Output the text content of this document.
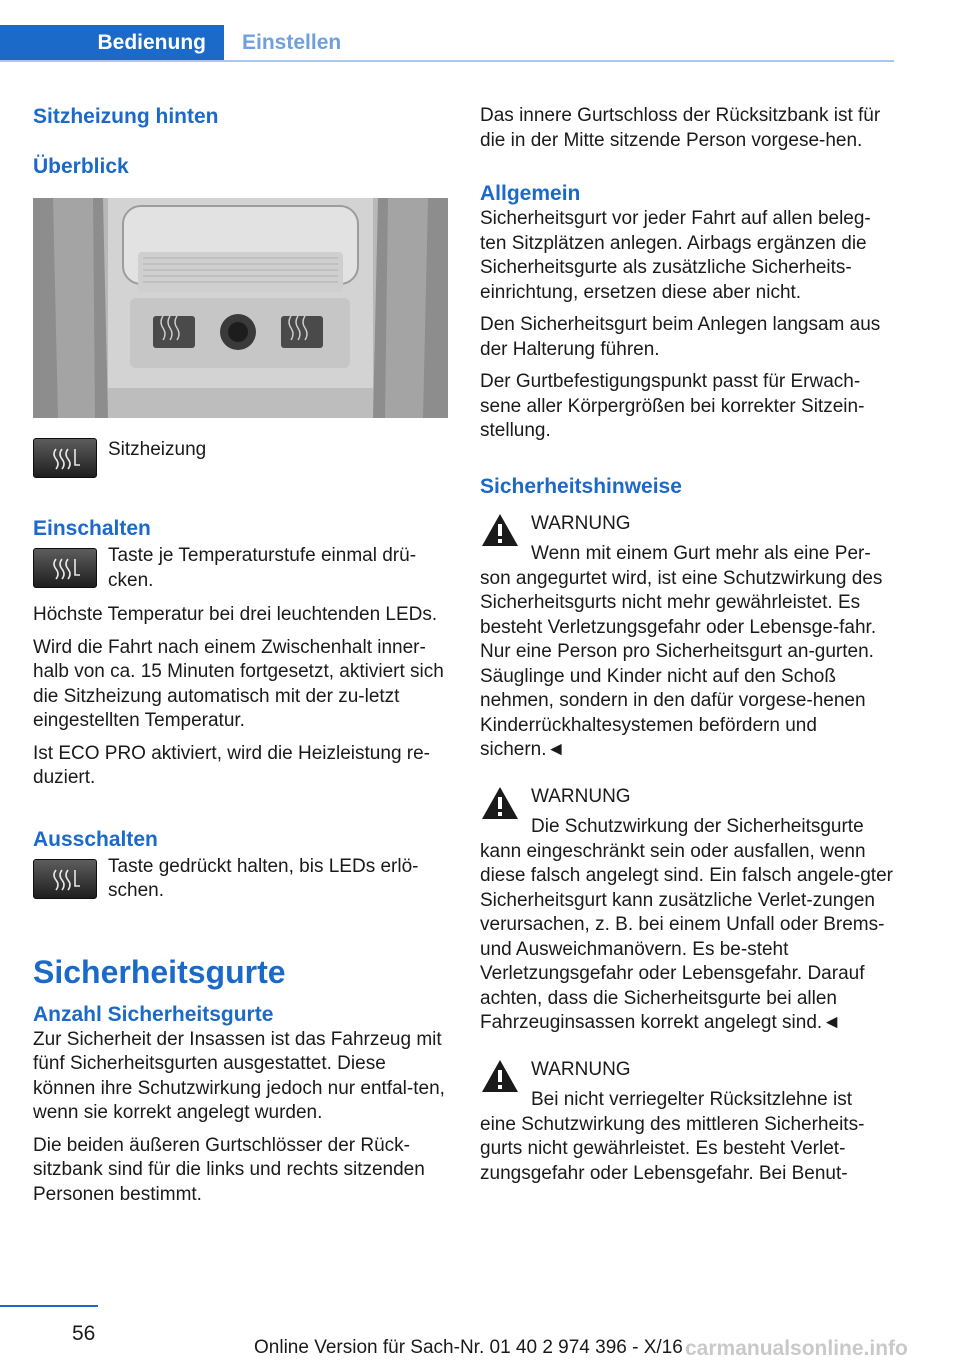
Bedienung	Einstellen
Sitzheizung hinten
Überblick
Sitzheizung
Einschalten
Taste je Temperaturstufe einmal drü-
cken.
Höchste Temperatur bei drei leuchtenden LEDs.
Wird die Fahrt nach einem Zwischenhalt inner-halb von ca. 15 Minuten fortgesetzt, aktiviert sich die Sitzheizung automatisch mit der zu-letzt eingestellten Temperatur.
Ist ECO PRO aktiviert, wird die Heizleistung re-duziert.
Ausschalten
Taste gedrückt halten, bis LEDs erlö-
schen.
Sicherheitsgurte
Anzahl Sicherheitsgurte
Zur Sicherheit der Insassen ist das Fahrzeug mit fünf Sicherheitsgurten ausgestattet. Diese können ihre Schutzwirkung jedoch nur entfal-ten, wenn sie korrekt angelegt wurden.
Die beiden äußeren Gurtschlösser der Rück-sitzbank sind für die links und rechts sitzenden Personen bestimmt.
Das innere Gurtschloss der Rücksitzbank ist für die in der Mitte sitzende Person vorgese-hen.
Allgemein
Sicherheitsgurt vor jeder Fahrt auf allen beleg-ten Sitzplätzen anlegen. Airbags ergänzen die Sicherheitsgurte als zusätzliche Sicherheits-einrichtung, ersetzen diese aber nicht.
Den Sicherheitsgurt beim Anlegen langsam aus der Halterung führen.
Der Gurtbefestigungspunkt passt für Erwach-sene aller Körpergrößen bei korrekter Sitzein-stellung.
Sicherheitshinweise
WARNUNG
Wenn mit einem Gurt mehr als eine Per-
son angegurtet wird, ist eine Schutzwirkung des Sicherheitsgurts nicht mehr gewährleistet. Es besteht Verletzungsgefahr oder Lebensge-fahr. Nur eine Person pro Sicherheitsgurt an-gurten. Säuglinge und Kinder nicht auf den Schoß nehmen, sondern in den dafür vorgese-henen Kinderrückhaltesystemen befördern und sichern.◄
WARNUNG
Die Schutzwirkung der Sicherheitsgurte
kann eingeschränkt sein oder ausfallen, wenn diese falsch angelegt sind. Ein falsch angele-gter Sicherheitsgurt kann zusätzliche Verlet-zungen verursachen, z. B. bei einem Unfall oder Brems- und Ausweichmanövern. Es be-steht Verletzungsgefahr oder Lebensgefahr. Darauf achten, dass die Sicherheitsgurte bei allen Fahrzeuginsassen korrekt angelegt sind.◄
WARNUNG
Bei nicht verriegelter Rücksitzlehne ist
eine Schutzwirkung des mittleren Sicherheits-gurts nicht gewährleistet. Es besteht Verlet-zungsgefahr oder Lebensgefahr. Bei Benut-
56
Online Version für Sach-Nr. 01 40 2 974 396 - X/16 carmanualsonline.info
